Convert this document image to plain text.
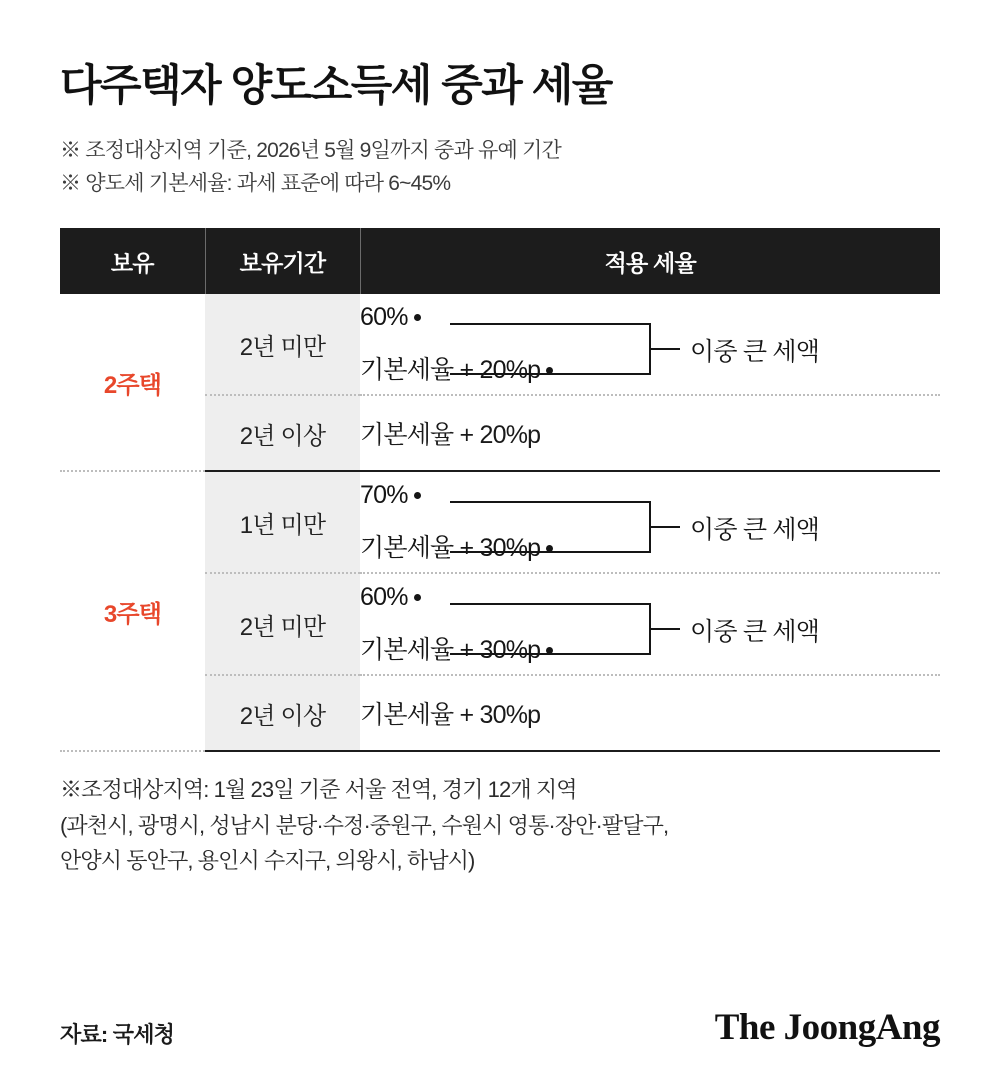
다주택자 양도소득세 중과 세율
※ 조정대상지역 기준, 2026년 5월 9일까지 중과 유예 기간
※ 양도세 기본세율: 과세 표준에 따라 6~45%
보유	보유기간	적용 세율
2주택	2년 미만	60%
기본세율 + 20%p
이중 큰 세액

	2년 이상	기본세율 + 20%p

3주택	1년 미만	70%
기본세율 + 30%p
이중 큰 세액

	2년 미만	60%
기본세율 + 30%p
이중 큰 세액

	2년 이상	기본세율 + 30%p
※조정대상지역: 1월 23일 기준 서울 전역, 경기 12개 지역
(과천시, 광명시, 성남시 분당·수정·중원구, 수원시 영통·장안·팔달구,
안양시 동안구, 용인시 수지구, 의왕시, 하남시)
자료: 국세청	The JoongAng
